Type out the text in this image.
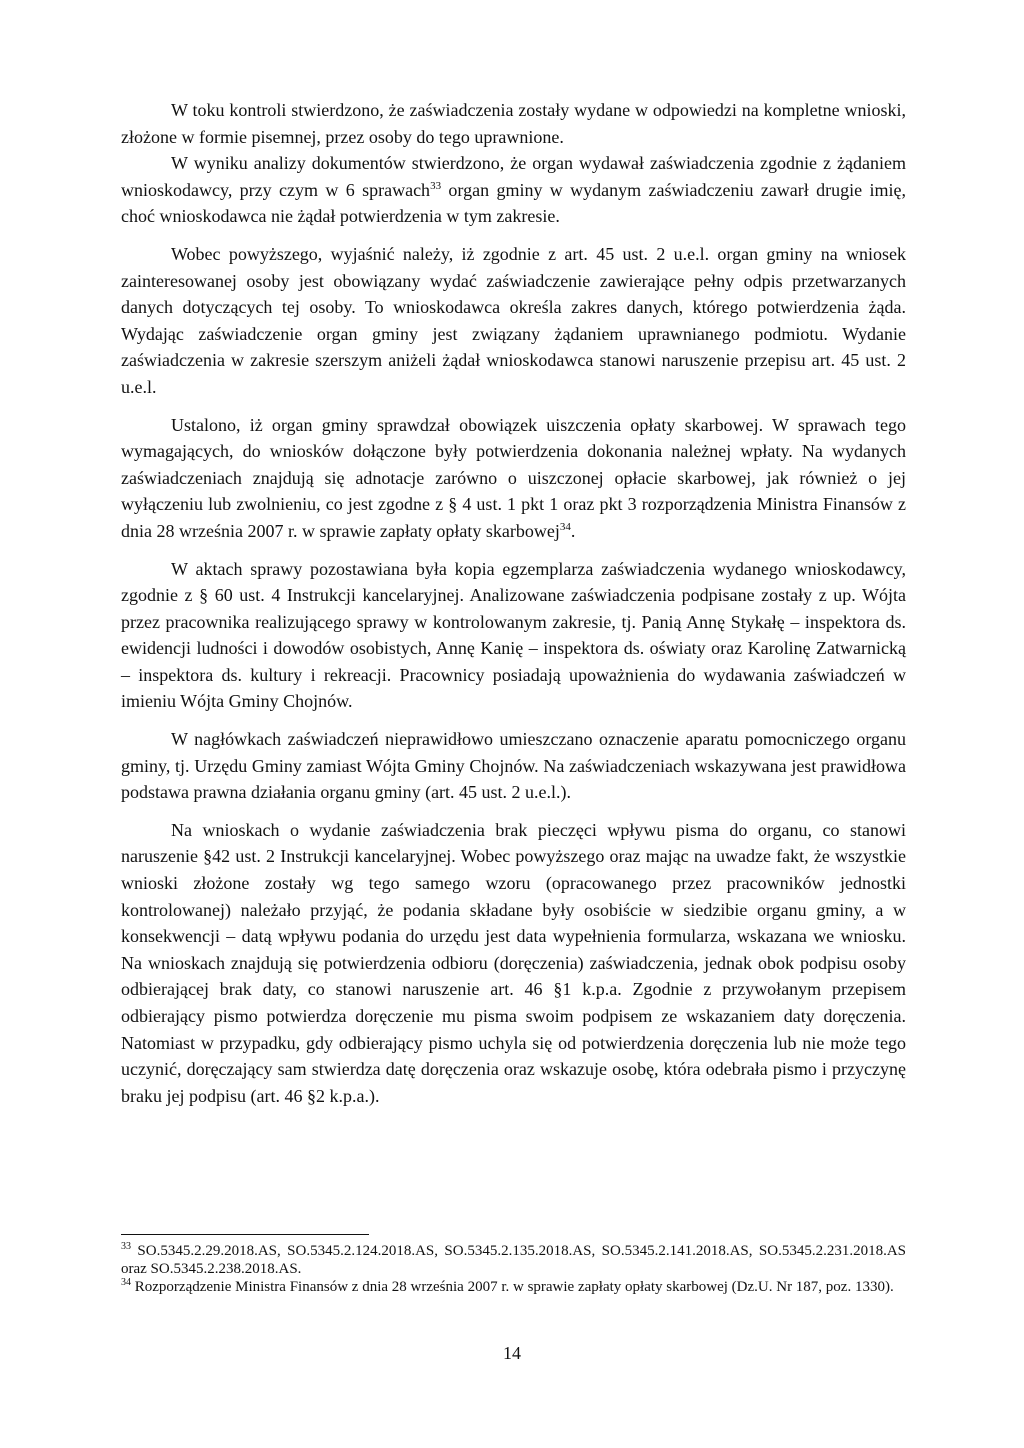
W toku kontroli stwierdzono, że zaświadczenia zostały wydane w odpowiedzi na kompletne wnioski, złożone w formie pisemnej, przez osoby do tego uprawnione.

W wyniku analizy dokumentów stwierdzono, że organ wydawał zaświadczenia zgodnie z żądaniem wnioskodawcy, przy czym w 6 sprawach$^{33}$ organ gminy w wydanym zaświadczeniu zawarł drugie imię, choć wnioskodawca nie żądał potwierdzenia w tym zakresie.

Wobec powyższego, wyjaśnić należy, iż zgodnie z art. 45 ust. 2 u.e.l. organ gminy na wniosek zainteresowanej osoby jest obowiązany wydać zaświadczenie zawierające pełny odpis przetwarzanych danych dotyczących tej osoby. To wnioskodawca określa zakres danych, którego potwierdzenia żąda. Wydając zaświadczenie organ gminy jest związany żądaniem uprawnianego podmiotu. Wydanie zaświadczenia w zakresie szerszym aniżeli żądał wnioskodawca stanowi naruszenie przepisu art. 45 ust. 2 u.e.l.

Ustalono, iż organ gminy sprawdzał obowiązek uiszczenia opłaty skarbowej. W sprawach tego wymagających, do wniosków dołączone były potwierdzenia dokonania należnej wpłaty. Na wydanych zaświadczeniach znajdują się adnotacje zarówno o uiszczonej opłacie skarbowej, jak również o jej wyłączeniu lub zwolnieniu, co jest zgodne z § 4 ust. 1 pkt 1 oraz pkt 3 rozporządzenia Ministra Finansów z dnia 28 września 2007 r. w sprawie zapłaty opłaty skarbowej$^{34}$.

W aktach sprawy pozostawiana była kopia egzemplarza zaświadczenia wydanego wnioskodawcy, zgodnie z § 60 ust. 4 Instrukcji kancelaryjnej. Analizowane zaświadczenia podpisane zostały z up. Wójta przez pracownika realizującego sprawy w kontrolowanym zakresie, tj. Panią Annę Stykałę – inspektora ds. ewidencji ludności i dowodów osobistych, Annę Kanię – inspektora ds. oświaty oraz Karolinę Zatwarnicką – inspektora ds. kultury i rekreacji. Pracownicy posiadają upoważnienia do wydawania zaświadczeń w imieniu Wójta Gminy Chojnów.

W nagłówkach zaświadczeń nieprawidłowo umieszczano oznaczenie aparatu pomocniczego organu gminy, tj. Urzędu Gminy zamiast Wójta Gminy Chojnów. Na zaświadczeniach wskazywana jest prawidłowa podstawa prawna działania organu gminy (art. 45 ust. 2 u.e.l.).

Na wnioskach o wydanie zaświadczenia brak pieczęci wpływu pisma do organu, co stanowi naruszenie §42 ust. 2 Instrukcji kancelaryjnej. Wobec powyższego oraz mając na uwadze fakt, że wszystkie wnioski złożone zostały wg tego samego wzoru (opracowanego przez pracowników jednostki kontrolowanej) należało przyjąć, że podania składane były osobiście w siedzibie organu gminy, a w konsekwencji – datą wpływu podania do urzędu jest data wypełnienia formularza, wskazana we wniosku. Na wnioskach znajdują się potwierdzenia odbioru (doręczenia) zaświadczenia, jednak obok podpisu osoby odbierającej brak daty, co stanowi naruszenie art. 46 §1 k.p.a. Zgodnie z przywołanym przepisem odbierający pismo potwierdza doręczenie mu pisma swoim podpisem ze wskazaniem daty doręczenia. Natomiast w przypadku, gdy odbierający pismo uchyla się od potwierdzenia doręczenia lub nie może tego uczynić, doręczający sam stwierdza datę doręczenia oraz wskazuje osobę, która odebrała pismo i przyczynę braku jej podpisu (art. 46 §2 k.p.a.).

$^{33}$ SO.5345.2.29.2018.AS, SO.5345.2.124.2018.AS, SO.5345.2.135.2018.AS, SO.5345.2.141.2018.AS, SO.5345.2.231.2018.AS oraz SO.5345.2.238.2018.AS.

$^{34}$ Rozporządzenie Ministra Finansów z dnia 28 września 2007 r. w sprawie zapłaty opłaty skarbowej (Dz.U. Nr 187, poz. 1330).

14
